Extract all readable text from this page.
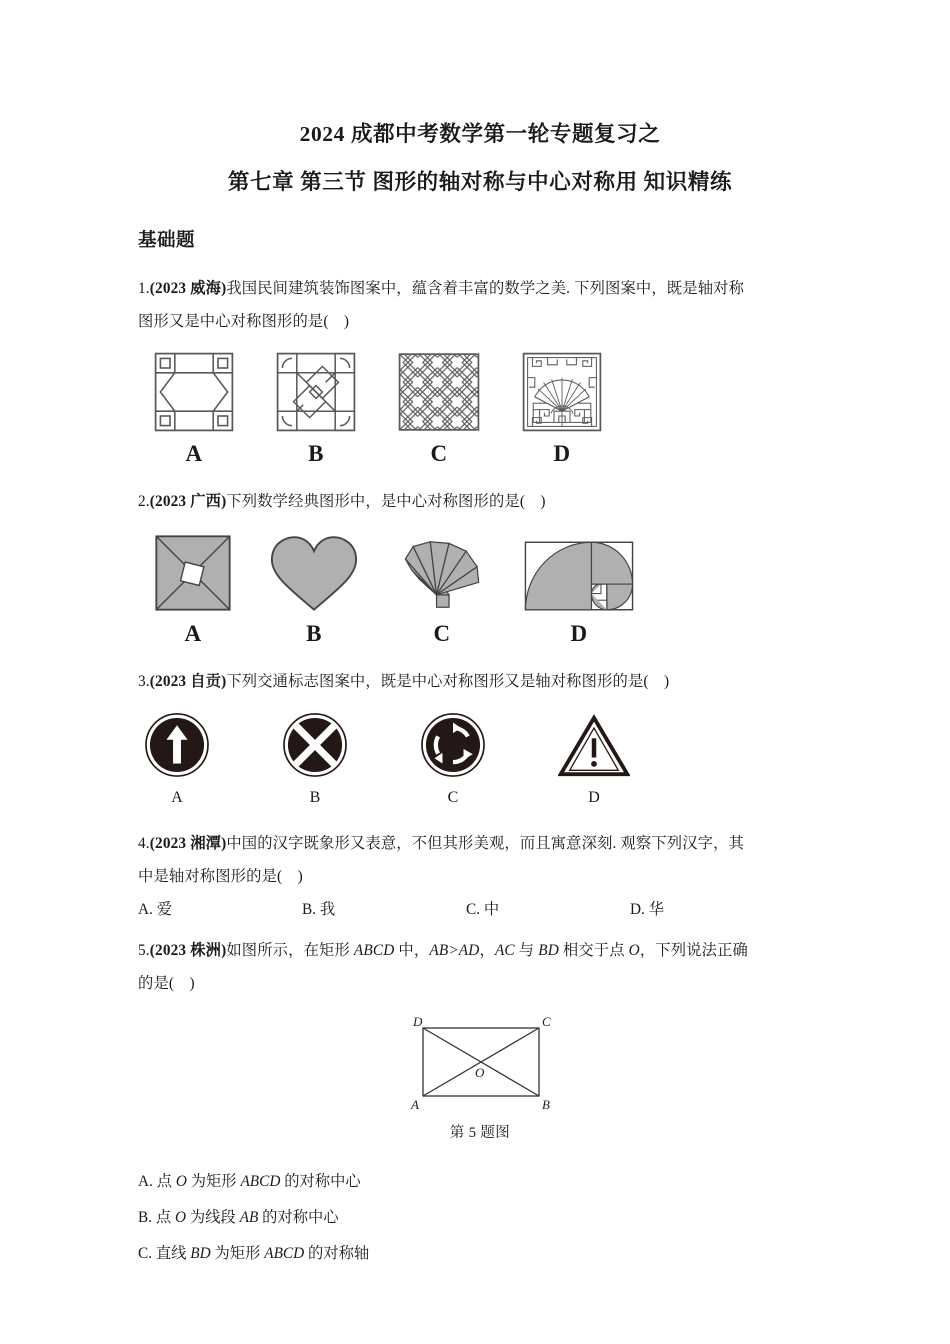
2024 成都中考数学第一轮专题复习之
第七章 第三节 图形的轴对称与中心对称用 知识精练
基础题
1.(2023 威海)我国民间建筑装饰图案中，蕴含着丰富的数学之美. 下列图案中，既是轴对称
图形又是中心对称图形的是( )
A	B	C	D
2.(2023 广西)下列数学经典图形中，是中心对称图形的是( )
A	B	C	D
3.(2023 自贡)下列交通标志图案中，既是中心对称图形又是轴对称图形的是( )
A	B	C	D
4.(2023 湘潭)中国的汉字既象形又表意，不但其形美观，而且寓意深刻. 观察下列汉字，其
中是轴对称图形的是( )
A. 爱	B. 我	C. 中	D. 华
5.(2023 株洲)如图所示，在矩形 ABCD 中，AB>AD，AC 与 BD 相交于点 O，下列说法正确
的是( )
D	C
A	B
O
第 5 题图
A. 点 O 为矩形 ABCD 的对称中心
B. 点 O 为线段 AB 的对称中心
C. 直线 BD 为矩形 ABCD 的对称轴
